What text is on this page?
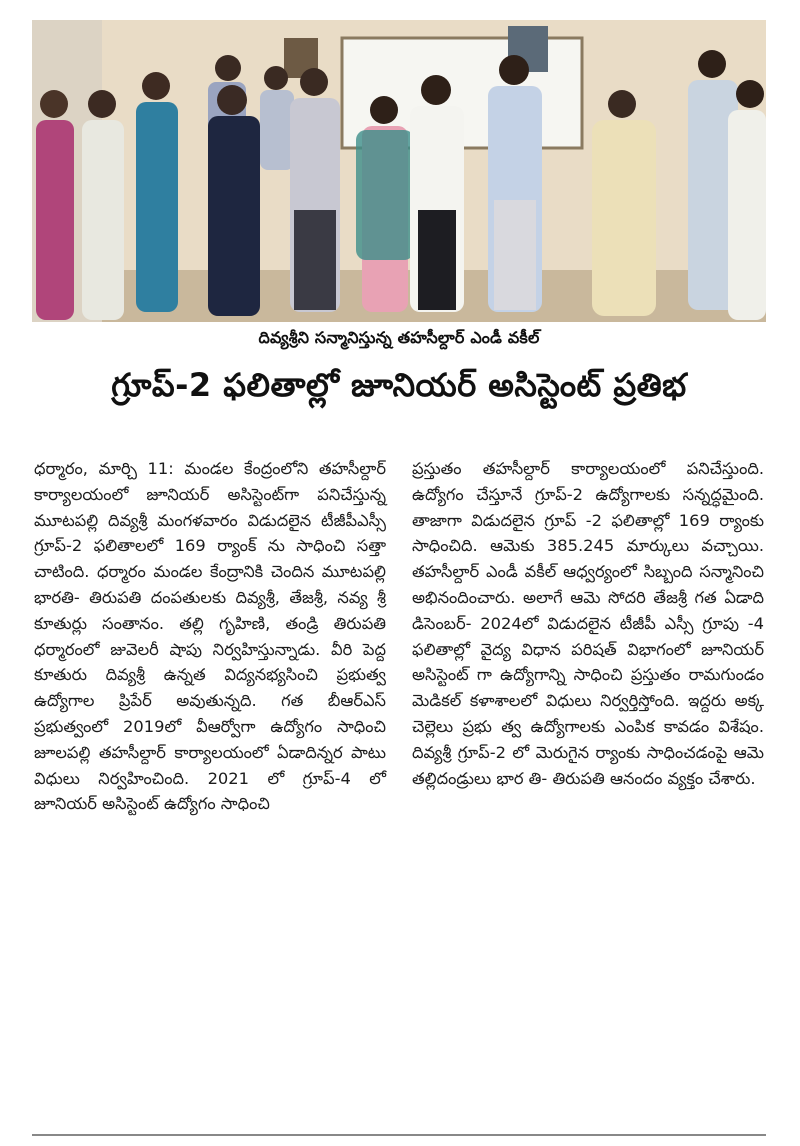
దివ్యశ్రీని సన్మానిస్తున్న తహసీల్దార్ ఎండీ వకీల్
గ్రూప్-2 ఫలితాల్లో జూనియర్ అసిస్టెంట్ ప్రతిభ

ధర్మారం, మార్చి 11: మండల కేంద్రంలోని తహసీల్దార్ కార్యాలయంలో జూనియర్ అసిస్టెంట్‌గా పనిచేస్తున్న మూటపల్లి దివ్యశ్రీ మంగళవారం విడుదలైన టీజీపీఎస్సీ గ్రూప్-2 ఫలితాలలో 169 ర్యాంక్ ను సాధించి సత్తా చాటింది. ధర్మారం మండల కేంద్రానికి చెందిన మూటపల్లి భారతి- తిరుపతి దంపతులకు దివ్యశ్రీ, తేజశ్రీ, నవ్య శ్రీ కూతుర్లు సంతానం. తల్లి గృహిణి, తండ్రి తిరుపతి ధర్మారంలో జువెలరీ షాపు నిర్వహిస్తున్నాడు. వీరి పెద్ద కూతురు దివ్యశ్రీ ఉన్నత విద్యనభ్యసించి ప్రభుత్వ ఉద్యోగాల ప్రిపేర్ అవుతున్నది. గత బీఆర్ఎస్ ప్రభుత్వంలో 2019లో వీఆర్వోగా ఉద్యోగం సాధించి జూలపల్లి తహసీల్దార్ కార్యాలయంలో ఏడాదిన్నర పాటు విధులు నిర్వహించింది. 2021 లో గ్రూప్-4 లో జూనియర్ అసిస్టెంట్ ఉద్యోగం సాధించి

ప్రస్తుతం తహసీల్దార్ కార్యాలయంలో పనిచేస్తుంది. ఉద్యోగం చేస్తూనే గ్రూప్-2 ఉద్యోగాలకు సన్నద్ధమైంది. తాజాగా విడుదలైన గ్రూప్ -2 ఫలితాల్లో 169 ర్యాంకు సాధించిది. ఆమెకు 385.245 మార్కులు వచ్చాయి. తహసీల్దార్ ఎండీ వకీల్ ఆధ్వర్యంలో సిబ్బంది సన్మానించి అభినందించారు. అలాగే ఆమె సోదరి తేజశ్రీ గత ఏడాది డిసెంబర్- 2024లో విడుదలైన టీజీపీ ఎస్సీ గ్రూపు -4 ఫలితాల్లో వైద్య విధాన పరిషత్ విభాగంలో జూనియర్ అసిస్టెంట్ గా ఉద్యోగాన్ని సాధించి ప్రస్తుతం రామగుండం మెడికల్ కళాశాలలో విధులు నిర్వర్తిస్తోంది. ఇద్దరు అక్క చెల్లెలు ప్రభు త్వ ఉద్యోగాలకు ఎంపిక కావడం విశేషం. దివ్యశ్రీ గ్రూప్-2 లో మెరుగైన ర్యాంకు సాధించడంపై ఆమె తల్లిదండ్రులు భార తి- తిరుపతి ఆనందం వ్యక్తం చేశారు.
